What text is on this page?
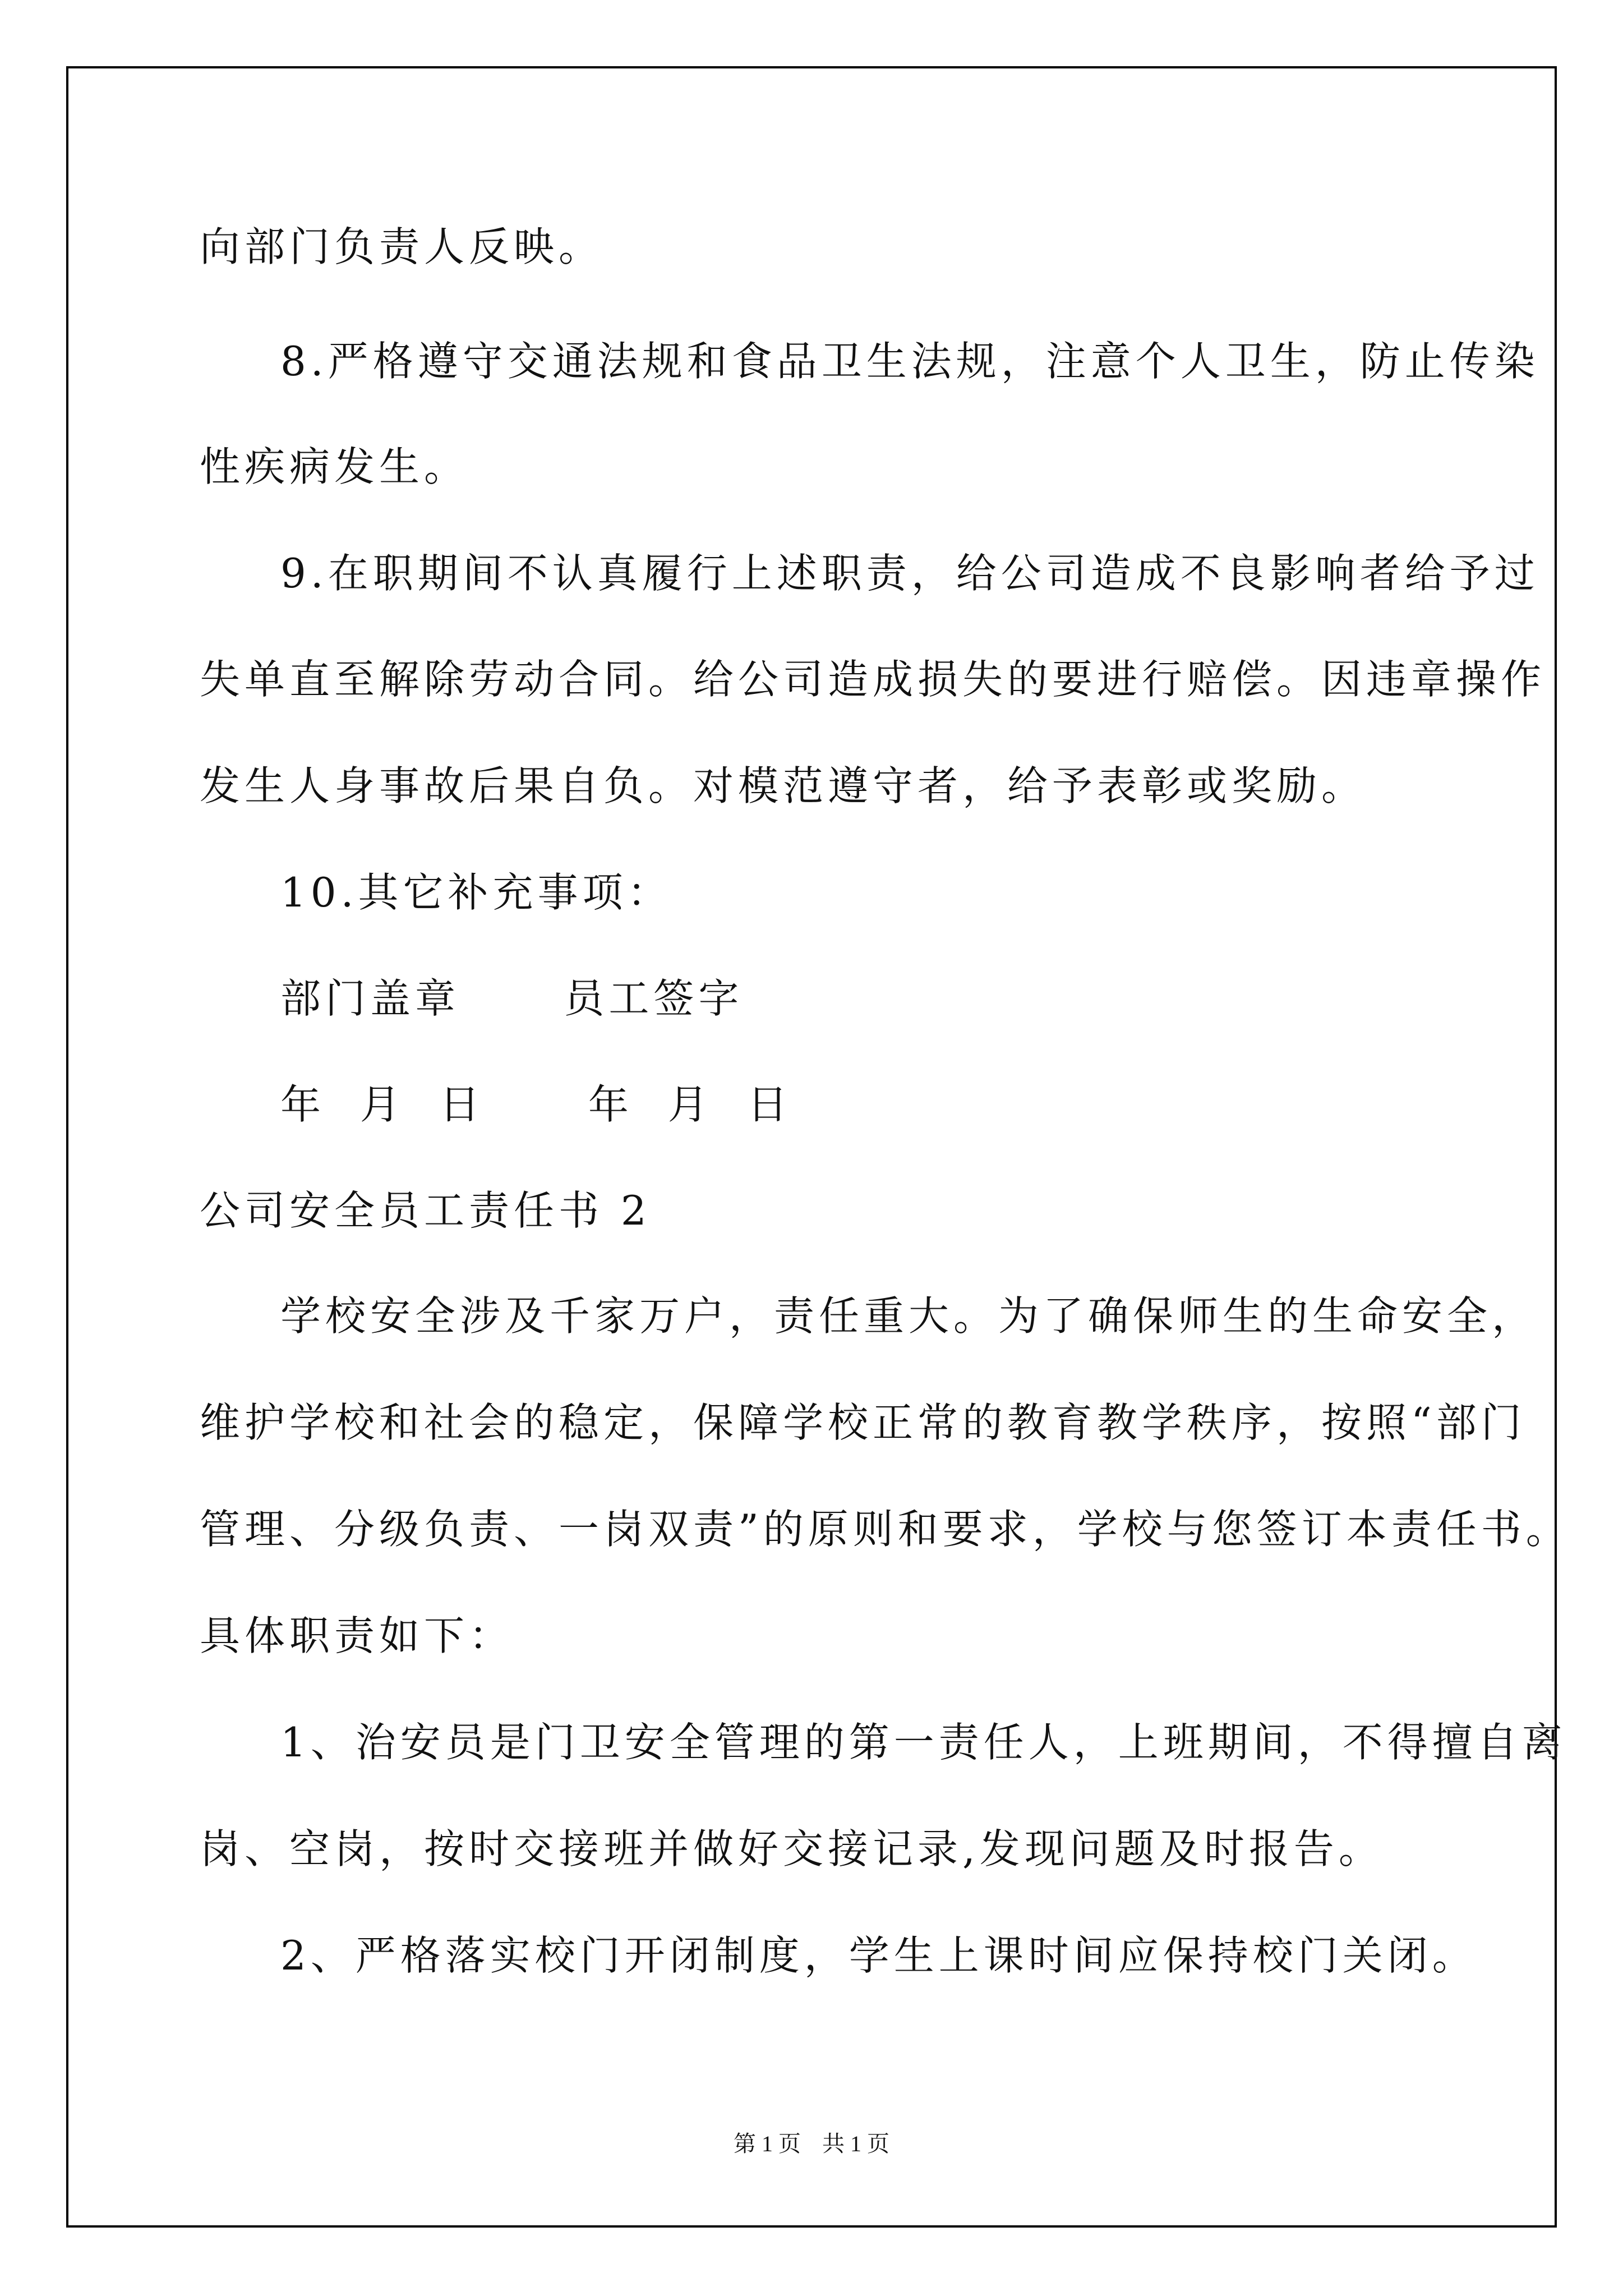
向部门负责人反映。
8.严格遵守交通法规和食品卫生法规，注意个人卫生，防止传染
性疾病发生。
9.在职期间不认真履行上述职责，给公司造成不良影响者给予过
失单直至解除劳动合同。给公司造成损失的要进行赔偿。因违章操作
发生人身事故后果自负。对模范遵守者，给予表彰或奖励。
10.其它补充事项：
部门盖章      员工签字
年  月  日      年  月  日
公司安全员工责任书 2
学校安全涉及千家万户，责任重大。为了确保师生的生命安全，
维护学校和社会的稳定，保障学校正常的教育教学秩序，按照“部门
管理、分级负责、一岗双责”的原则和要求，学校与您签订本责任书。
具体职责如下：
1、治安员是门卫安全管理的第一责任人，上班期间，不得擅自离
岗、空岗，按时交接班并做好交接记录,发现问题及时报告。
2、严格落实校门开闭制度，学生上课时间应保持校门关闭。
第 1 页 共 1 页
